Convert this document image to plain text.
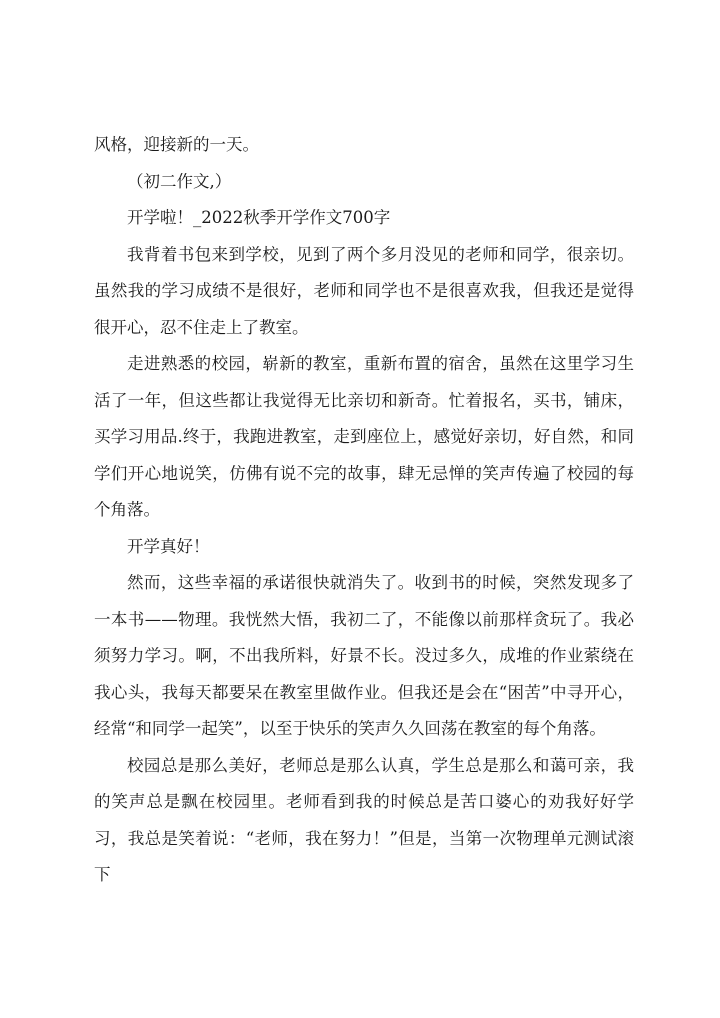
风格，迎接新的一天。

（初二作文,）

开学啦！_2022秋季开学作文700字

我背着书包来到学校，见到了两个多月没见的老师和同学，很亲切。虽然我的学习成绩不是很好，老师和同学也不是很喜欢我，但我还是觉得很开心，忍不住走上了教室。

走进熟悉的校园，崭新的教室，重新布置的宿舍，虽然在这里学习生活了一年，但这些都让我觉得无比亲切和新奇。忙着报名，买书，铺床，买学习用品.终于，我跑进教室，走到座位上，感觉好亲切，好自然，和同学们开心地说笑，仿佛有说不完的故事，肆无忌惮的笑声传遍了校园的每个角落。

开学真好！

然而，这些幸福的承诺很快就消失了。收到书的时候，突然发现多了一本书——物理。我恍然大悟，我初二了，不能像以前那样贪玩了。我必须努力学习。啊，不出我所料，好景不长。没过多久，成堆的作业萦绕在我心头，我每天都要呆在教室里做作业。但我还是会在“困苦”中寻开心，经常“和同学一起笑”，以至于快乐的笑声久久回荡在教室的每个角落。

校园总是那么美好，老师总是那么认真，学生总是那么和蔼可亲，我的笑声总是飘在校园里。老师看到我的时候总是苦口婆心的劝我好好学习，我总是笑着说：“老师，我在努力！”但是，当第一次物理单元测试滚下
